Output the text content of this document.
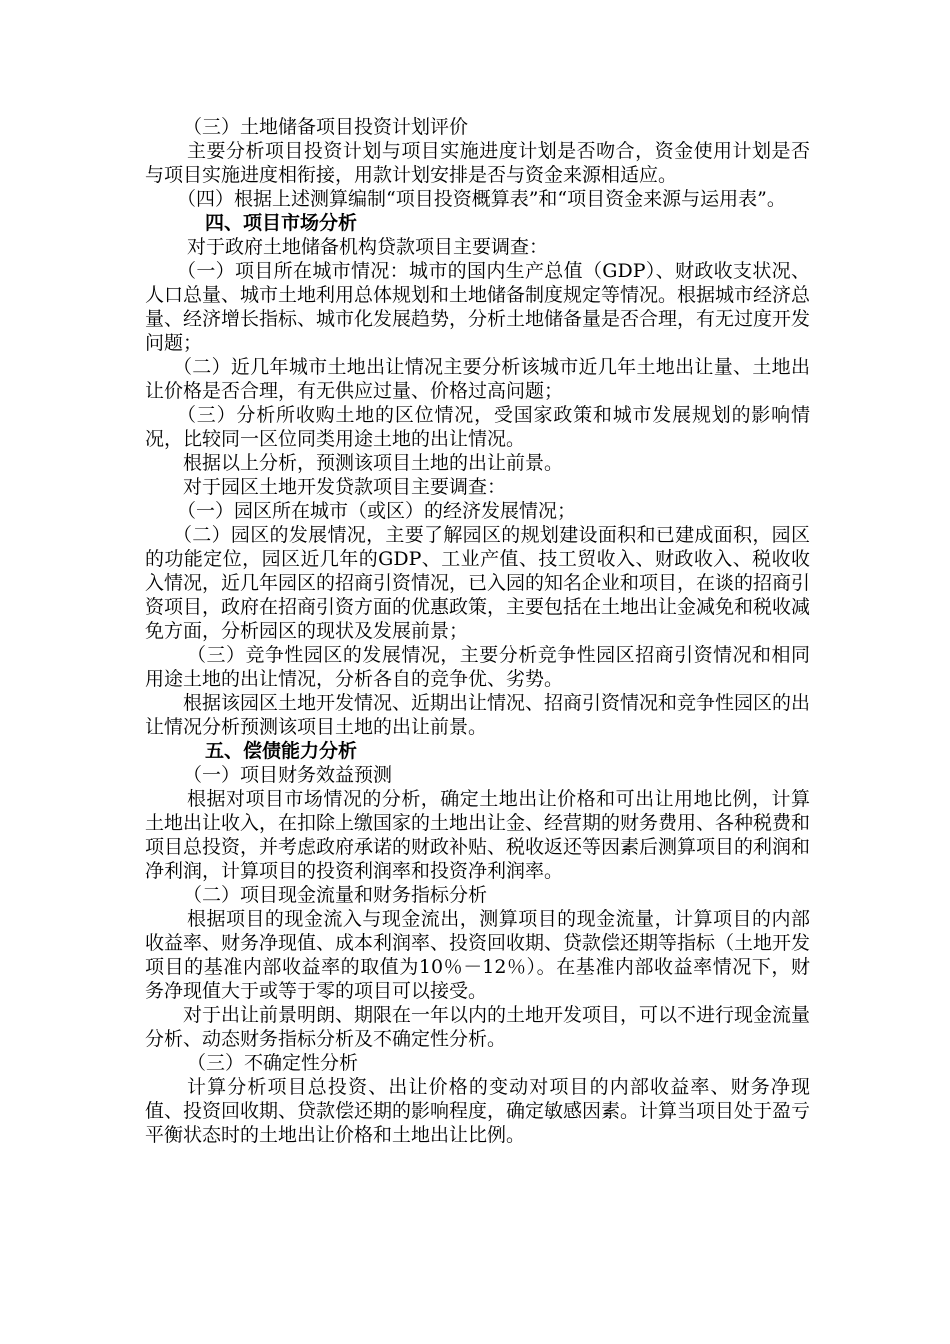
（三）土地储备项目投资计划评价

主要分析项目投资计划与项目实施进度计划是否吻合，资金使用计划是否与项目实施进度相衔接，用款计划安排是否与资金来源相适应。

（四）根据上述测算编制“项目投资概算表”和“项目资金来源与运用表”。

四、项目市场分析

对于政府土地储备机构贷款项目主要调查：

（一）项目所在城市情况：城市的国内生产总值（GDP）、财政收支状况、人口总量、城市土地利用总体规划和土地储备制度规定等情况。根据城市经济总量、经济增长指标、城市化发展趋势，分析土地储备量是否合理，有无过度开发问题；

（二）近几年城市土地出让情况主要分析该城市近几年土地出让量、土地出让价格是否合理，有无供应过量、价格过高问题；

（三）分析所收购土地的区位情况，受国家政策和城市发展规划的影响情况，比较同一区位同类用途土地的出让情况。

根据以上分析，预测该项目土地的出让前景。

对于园区土地开发贷款项目主要调查：

（一）园区所在城市（或区）的经济发展情况；

（二）园区的发展情况，主要了解园区的规划建设面积和已建成面积，园区的功能定位，园区近几年的GDP、工业产值、技工贸收入、财政收入、税收收入情况，近几年园区的招商引资情况，已入园的知名企业和项目，在谈的招商引资项目，政府在招商引资方面的优惠政策，主要包括在土地出让金减免和税收减免方面，分析园区的现状及发展前景；

（三）竞争性园区的发展情况，主要分析竞争性园区招商引资情况和相同用途土地的出让情况，分析各自的竞争优、劣势。

根据该园区土地开发情况、近期出让情况、招商引资情况和竞争性园区的出让情况分析预测该项目土地的出让前景。

五、偿债能力分析

（一）项目财务效益预测

根据对项目市场情况的分析，确定土地出让价格和可出让用地比例，计算土地出让收入，在扣除上缴国家的土地出让金、经营期的财务费用、各种税费和项目总投资，并考虑政府承诺的财政补贴、税收返还等因素后测算项目的利润和净利润，计算项目的投资利润率和投资净利润率。

（二）项目现金流量和财务指标分析

根据项目的现金流入与现金流出，测算项目的现金流量，计算项目的内部收益率、财务净现值、成本利润率、投资回收期、贷款偿还期等指标（土地开发项目的基准内部收益率的取值为10％－12％）。在基准内部收益率情况下，财务净现值大于或等于零的项目可以接受。

对于出让前景明朗、期限在一年以内的土地开发项目，可以不进行现金流量分析、动态财务指标分析及不确定性分析。

（三）不确定性分析

计算分析项目总投资、出让价格的变动对项目的内部收益率、财务净现值、投资回收期、贷款偿还期的影响程度，确定敏感因素。计算当项目处于盈亏平衡状态时的土地出让价格和土地出让比例。
